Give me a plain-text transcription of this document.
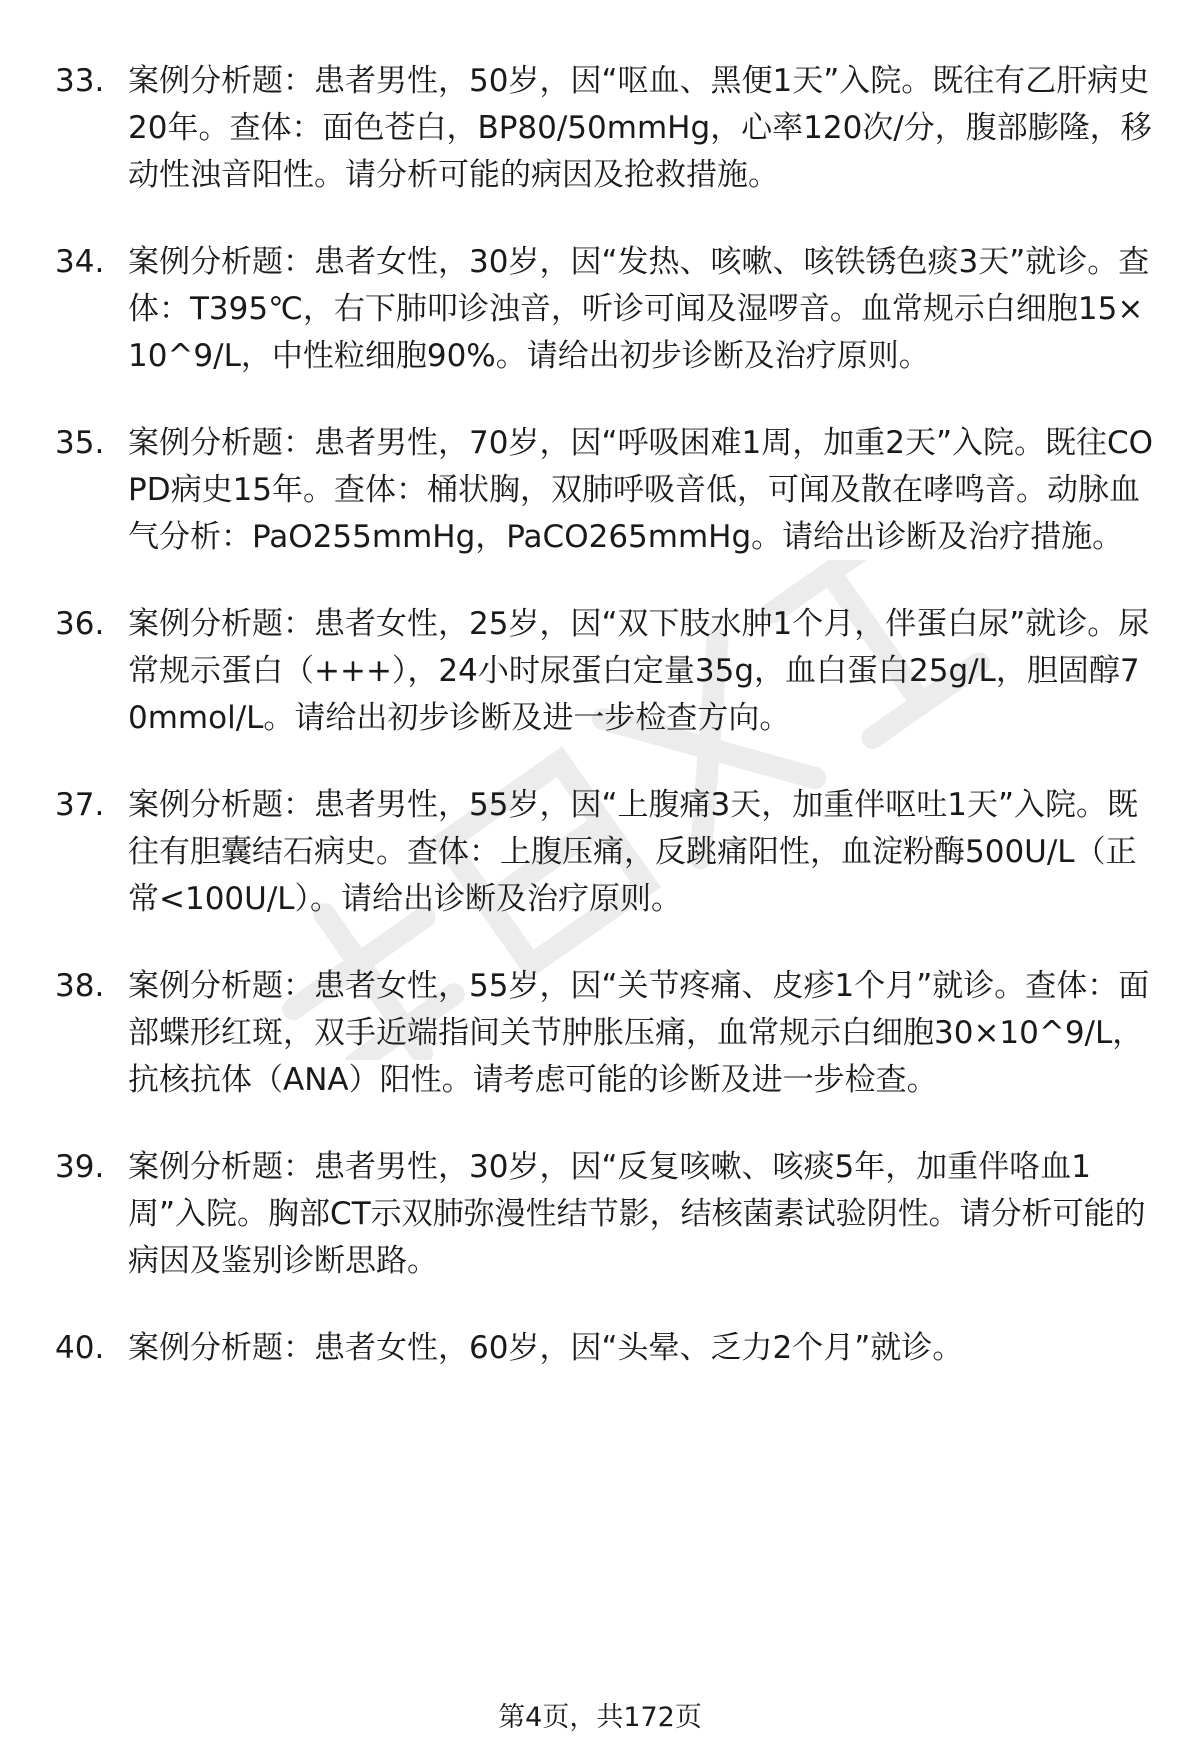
33. 案例分析题：患者男性，50岁，因“呕血、黑便1天”入院。既往有乙肝病史20年。查体：面色苍白，BP80/50mmHg，心率120次/分，腹部膨隆，移动性浊音阳性。请分析可能的病因及抢救措施。
34. 案例分析题：患者女性，30岁，因“发热、咳嗽、咳铁锈色痰3天”就诊。查体：T395℃，右下肺叩诊浊音，听诊可闻及湿啰音。血常规示白细胞15×10^9/L，中性粒细胞90%。请给出初步诊断及治疗原则。
35. 案例分析题：患者男性，70岁，因“呼吸困难1周，加重2天”入院。既往COPD病史15年。查体：桶状胸，双肺呼吸音低，可闻及散在哮鸣音。动脉血气分析：PaO255mmHg，PaCO265mmHg。请给出诊断及治疗措施。
36. 案例分析题：患者女性，25岁，因“双下肢水肿1个月，伴蛋白尿”就诊。尿常规示蛋白（+++），24小时尿蛋白定量35g，血白蛋白25g/L，胆固醇70mmol/L。请给出初步诊断及进一步检查方向。
37. 案例分析题：患者男性，55岁，因“上腹痛3天，加重伴呕吐1天”入院。既往有胆囊结石病史。查体：上腹压痛，反跳痛阳性，血淀粉酶500U/L（正常<100U/L）。请给出诊断及治疗原则。
38. 案例分析题：患者女性，55岁，因“关节疼痛、皮疹1个月”就诊。查体：面部蝶形红斑，双手近端指间关节肿胀压痛，血常规示白细胞30×10^9/L，抗核抗体（ANA）阳性。请考虑可能的诊断及进一步检查。
39. 案例分析题：患者男性，30岁，因“反复咳嗽、咳痰5年，加重伴咯血1周”入院。胸部CT示双肺弥漫性结节影，结核菌素试验阴性。请分析可能的病因及鉴别诊断思路。
40. 案例分析题：患者女性，60岁，因“头晕、乏力2个月”就诊。
第4页，共172页
